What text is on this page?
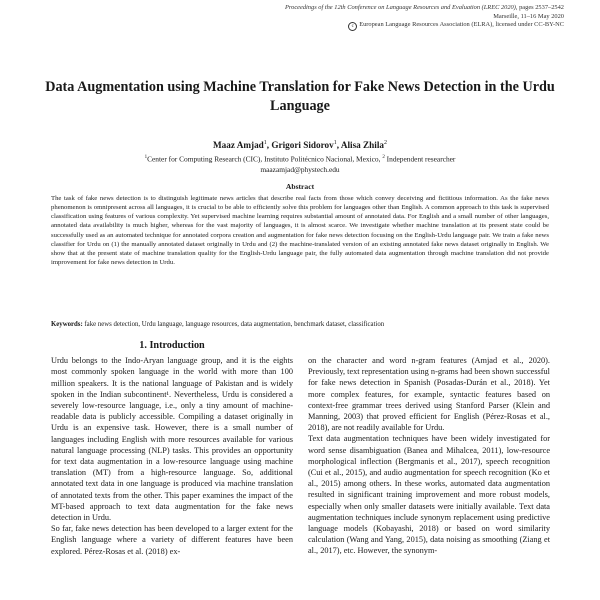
Proceedings of the 12th Conference on Language Resources and Evaluation (LREC 2020), pages 2537–2542
Marseille, 11–16 May 2020
c European Language Resources Association (ELRA), licensed under CC-BY-NC
Data Augmentation using Machine Translation for Fake News Detection in the Urdu Language
Maaz Amjad$^1$, Grigori Sidorov$^1$, Alisa Zhila$^2$
$^1$Center for Computing Research (CIC), Instituto Politécnico Nacional, Mexico, $^2$ Independent researcher
maazamjad@phystech.edu
Abstract
The task of fake news detection is to distinguish legitimate news articles that describe real facts from those which convey deceiving and fictitious information. As the fake news phenomenon is omnipresent across all languages, it is crucial to be able to efficiently solve this problem for languages other than English. A common approach to this task is supervised classification using features of various complexity. Yet supervised machine learning requires substantial amount of annotated data. For English and a small number of other languages, annotated data availability is much higher, whereas for the vast majority of languages, it is almost scarce. We investigate whether machine translation at its present state could be successfully used as an automated technique for annotated corpora creation and augmentation for fake news detection focusing on the English-Urdu language pair. We train a fake news classifier for Urdu on (1) the manually annotated dataset originally in Urdu and (2) the machine-translated version of an existing annotated fake news dataset originally in English. We show that at the present state of machine translation quality for the English-Urdu language pair, the fully automated data augmentation through machine translation did not provide improvement for fake news detection in Urdu.
Keywords: fake news detection, Urdu language, language resources, data augmentation, benchmark dataset, classification
1. Introduction

Urdu belongs to the Indo-Aryan language group, and it is the eights most commonly spoken language in the world with more than 100 million speakers. It is the national language of Pakistan and is widely spoken in the Indian subcontinent¹. Nevertheless, Urdu is considered a severely low-resource language, i.e., only a tiny amount of machine-readable data is publicly accessible. Compiling a dataset originally in Urdu is an expensive task. However, there is a small number of languages including English with more resources available for various natural language processing (NLP) tasks. This provides an opportunity for text data augmentation in a low-resource language using machine translation (MT) from a high-resource language. So, additional annotated text data in one language is produced via machine translation of annotated texts from the other. This paper examines the impact of the MT-based approach to text data augmentation for the fake news detection in Urdu.

So far, fake news detection has been developed to a larger extent for the English language where a variety of different features have been explored. Pérez-Rosas et al. (2018) ex-

on the character and word n-gram features (Amjad et al., 2020). Previously, text representation using n-grams had been shown successful for fake news detection in Spanish (Posadas-Durán et al., 2018). Yet more complex features, for example, syntactic features based on context-free grammar trees derived using Stanford Parser (Klein and Manning, 2003) that proved efficient for English (Pérez-Rosas et al., 2018), are not readily available for Urdu.

Text data augmentation techniques have been widely investigated for word sense disambiguation (Banea and Mihalcea, 2011), low-resource morphological inflection (Bergmanis et al., 2017), speech recognition (Cui et al., 2015), and audio augmentation for speech recognition (Ko et al., 2015) among others. In these works, automated data augmentation resulted in significant training improvement and more robust models, especially when only smaller datasets were initially available. Text data augmentation techniques include synonym replacement using predictive language models (Kobayashi, 2018) or based on word similarity calculation (Wang and Yang, 2015), data noising as smoothing (Ziang et al., 2017), etc. However, the synonym-
